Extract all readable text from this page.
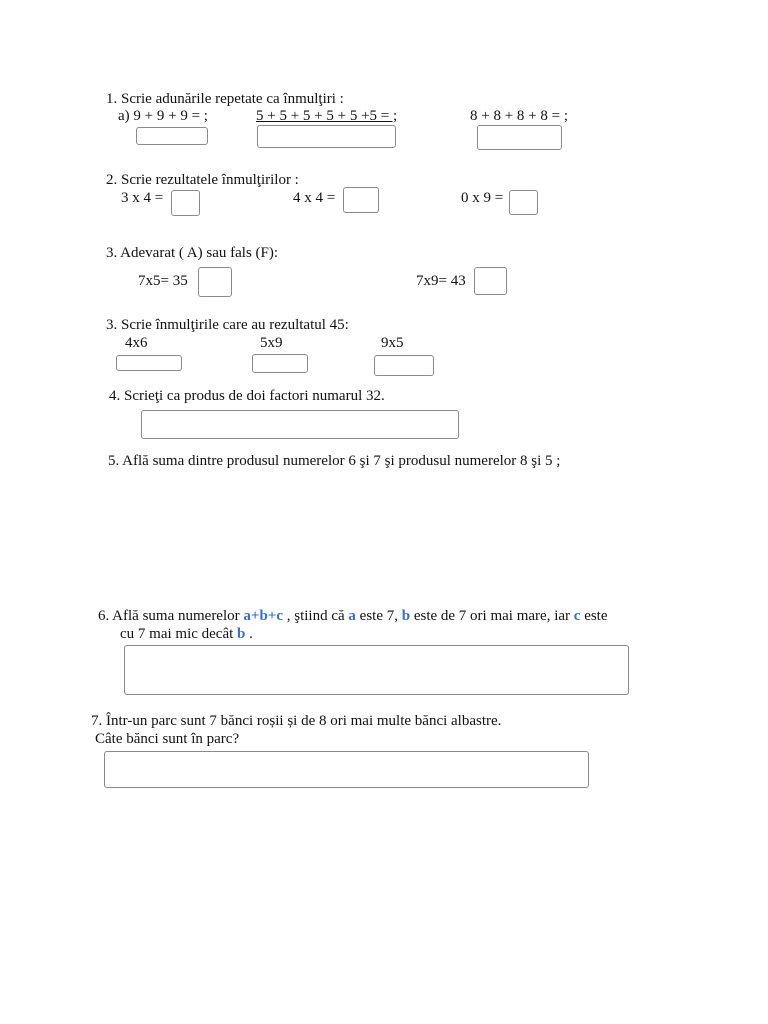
1. Scrie adunările repetate ca înmulţiri :
a) 9 + 9 + 9 = ;	5 + 5 + 5 + 5 + 5 +5 = ;	8 + 8 + 8 + 8 = ;
2. Scrie rezultatele înmulţirilor :
3 x 4 =	4 x 4 =	0 x 9 =
3. Adevarat ( A) sau fals (F):
7x5= 35	7x9= 43
3. Scrie înmulţirile care au rezultatul 45:
4x6	5x9	9x5
4. Scrieţi ca produs de doi factori numarul 32.
5. Află suma dintre produsul numerelor 6 şi 7 şi produsul numerelor 8 şi 5 ;
6. Află suma numerelor a+b+c , ştiind că a este 7, b este de 7 ori mai mare, iar c este
cu 7 mai mic decât b .
7. Într-un parc sunt 7 bănci roșii și de 8 ori mai multe bănci albastre.
Câte bănci sunt în parc?
